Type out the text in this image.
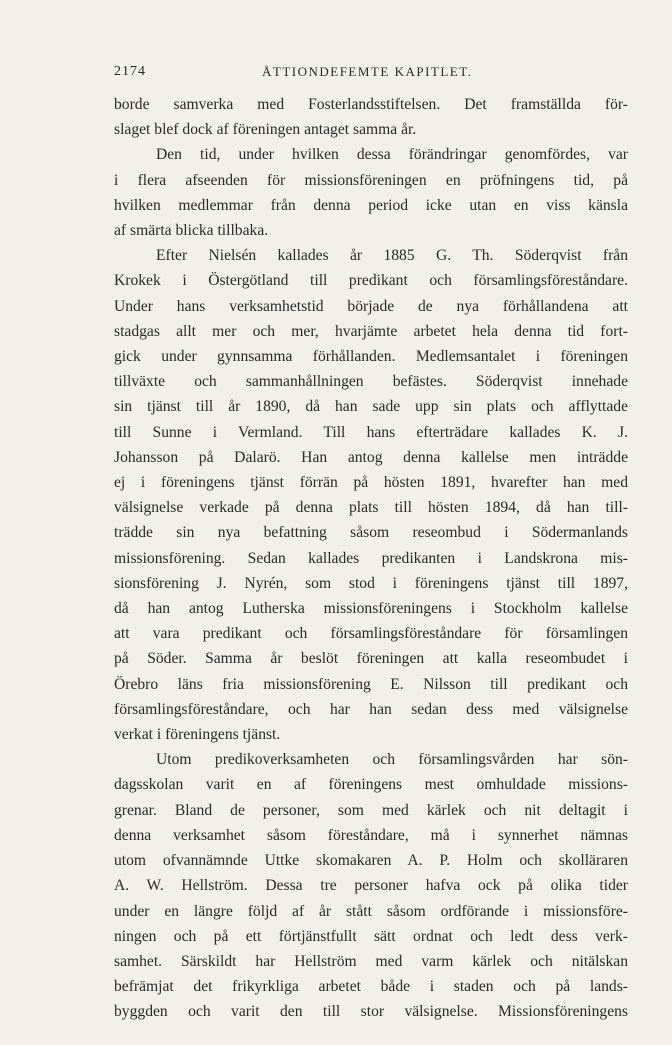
2174	ÅTTIONDEFEMTE KAPITLET.
borde samverka med Fosterlandsstiftelsen. Det framställda för-
slaget blef dock af föreningen antaget samma år.
Den tid, under hvilken dessa förändringar genomfördes, var
i flera afseenden för missionsföreningen en pröfningens tid, på
hvilken medlemmar från denna period icke utan en viss känsla
af smärta blicka tillbaka.
Efter Nielsén kallades år 1885 G. Th. Söderqvist från
Krokek i Östergötland till predikant och församlingsföreståndare.
Under hans verksamhetstid började de nya förhållandena att
stadgas allt mer och mer, hvarjämte arbetet hela denna tid fort-
gick under gynnsamma förhållanden. Medlemsantalet i föreningen
tillväxte och sammanhållningen befästes. Söderqvist innehade
sin tjänst till år 1890, då han sade upp sin plats och afflyttade
till Sunne i Vermland. Till hans efterträdare kallades K. J.
Johansson på Dalarö. Han antog denna kallelse men inträdde
ej i föreningens tjänst förrän på hösten 1891, hvarefter han med
välsignelse verkade på denna plats till hösten 1894, då han till-
trädde sin nya befattning såsom reseombud i Södermanlands
missionsförening. Sedan kallades predikanten i Landskrona mis-
sionsförening J. Nyrén, som stod i föreningens tjänst till 1897,
då han antog Lutherska missionsföreningens i Stockholm kallelse
att vara predikant och församlingsföreståndare för församlingen
på Söder. Samma år beslöt föreningen att kalla reseombudet i
Örebro läns fria missionsförening E. Nilsson till predikant och
församlingsföreståndare, och har han sedan dess med välsignelse
verkat i föreningens tjänst.
Utom predikoverksamheten och församlingsvården har sön-
dagsskolan varit en af föreningens mest omhuldade missions-
grenar. Bland de personer, som med kärlek och nit deltagit i
denna verksamhet såsom föreståndare, må i synnerhet nämnas
utom ofvannämnde Uttke skomakaren A. P. Holm och skolläraren
A. W. Hellström. Dessa tre personer hafva ock på olika tider
under en längre följd af år stått såsom ordförande i missionsföre-
ningen och på ett förtjänstfullt sätt ordnat och ledt dess verk-
samhet. Särskildt har Hellström med varm kärlek och nitälskan
befrämjat det frikyrkliga arbetet både i staden och på lands-
byggden och varit den till stor välsignelse. Missionsföreningens
